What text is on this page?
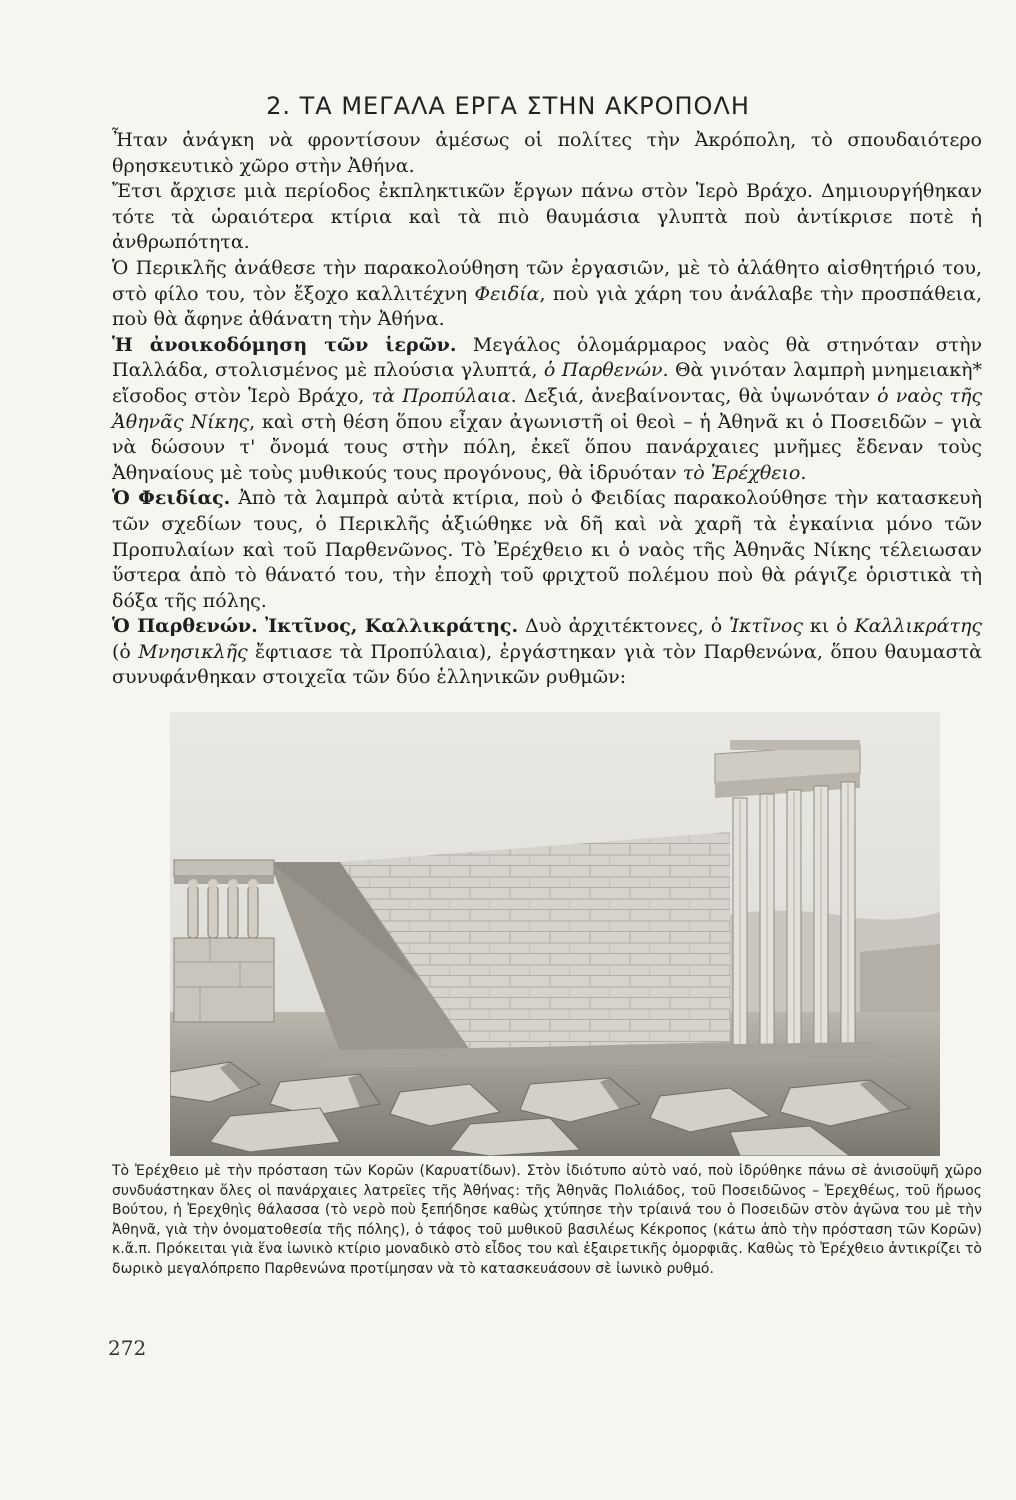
2. ΤΑ ΜΕΓΑΛΑ ΕΡΓΑ ΣΤΗΝ ΑΚΡΟΠΟΛΗ

Ἦταν ἀνάγκη νὰ φροντίσουν ἀμέσως οἱ πολίτες τὴν Ἀκρόπολη, τὸ σπουδαιότερο θρησκευτικὸ χῶρο στὴν Ἀθήνα.

Ἔτσι ἄρχισε μιὰ περίοδος ἐκπληκτικῶν ἔργων πάνω στὸν Ἱερὸ Βράχο. Δημιουργήθηκαν τότε τὰ ὡραιότερα κτίρια καὶ τὰ πιὸ θαυμάσια γλυπτὰ ποὺ ἀντίκρισε ποτὲ ἡ ἀνθρωπότητα.

Ὁ Περικλῆς ἀνάθεσε τὴν παρακολούθηση τῶν ἐργασιῶν, μὲ τὸ ἀλάθητο αἰσθητήριό του, στὸ φίλο του, τὸν ἔξοχο καλλιτέχνη Φειδία, ποὺ γιὰ χάρη του ἀνάλαβε τὴν προσπάθεια, ποὺ θὰ ἄφηνε ἀθάνατη τὴν Ἀθήνα.

Ἡ ἀνοικοδόμηση τῶν ἱερῶν. Μεγάλος ὁλομάρμαρος ναὸς θὰ στηνόταν στὴν Παλλάδα, στολισμένος μὲ πλούσια γλυπτά, ὁ Παρθενών. Θὰ γινόταν λαμπρὴ μνημειακὴ* εἴσοδος στὸν Ἱερὸ Βράχο, τὰ Προπύλαια. Δεξιά, ἀνεβαίνοντας, θὰ ὑψωνόταν ὁ ναὸς τῆς Ἀθηνᾶς Νίκης, καὶ στὴ θέση ὅπου εἶχαν ἀγωνιστῆ οἱ θεοὶ – ἡ Ἀθηνᾶ κι ὁ Ποσειδῶν – γιὰ νὰ δώσουν τ' ὄνομά τους στὴν πόλη, ἐκεῖ ὅπου πανάρχαιες μνῆμες ἔδεναν τοὺς Ἀθηναίους μὲ τοὺς μυθικούς τους προγόνους, θὰ ἱδρυόταν τὸ Ἐρέχθειο.

Ὁ Φειδίας. Ἀπὸ τὰ λαμπρὰ αὐτὰ κτίρια, ποὺ ὁ Φειδίας παρακολούθησε τὴν κατασκευὴ τῶν σχεδίων τους, ὁ Περικλῆς ἀξιώθηκε νὰ δῆ καὶ νὰ χαρῆ τὰ ἐγκαίνια μόνο τῶν Προπυλαίων καὶ τοῦ Παρθενῶνος. Τὸ Ἐρέχθειο κι ὁ ναὸς τῆς Ἀθηνᾶς Νίκης τέλειωσαν ὕστερα ἀπὸ τὸ θάνατό του, τὴν ἐποχὴ τοῦ φριχτοῦ πολέμου ποὺ θὰ ράγιζε ὁριστικὰ τὴ δόξα τῆς πόλης.

Ὁ Παρθενών. Ἰκτῖνος, Καλλικράτης. Δυὸ ἀρχιτέκτονες, ὁ Ἰκτῖνος κι ὁ Καλλικράτης (ὁ Μνησικλῆς ἔφτιασε τὰ Προπύλαια), ἐργάστηκαν γιὰ τὸν Παρθενώνα, ὅπου θαυμαστὰ συνυφάνθηκαν στοιχεῖα τῶν δύο ἑλληνικῶν ρυθμῶν:

Τὸ Ἐρέχθειο μὲ τὴν πρόσταση τῶν Κορῶν (Καρυατίδων). Στὸν ἰδιότυπο αὐτὸ ναό, ποὺ ἱδρύθηκε πάνω σὲ ἀνισοϋψῆ χῶρο συνδυάστηκαν ὅλες οἱ πανάρχαιες λατρεῖες τῆς Ἀθήνας: τῆς Ἀθηνᾶς Πολιάδος, τοῦ Ποσειδῶνος – Ἐρεχθέως, τοῦ ἥρωος Βούτου, ἡ Ἐρεχθηὶς θάλασσα (τὸ νερὸ ποὺ ξεπήδησε καθὼς χτύπησε τὴν τρίαινά του ὁ Ποσειδῶν στὸν ἀγῶνα του μὲ τὴν Ἀθηνᾶ, γιὰ τὴν ὀνοματοθεσία τῆς πόλης), ὁ τάφος τοῦ μυθικοῦ βασιλέως Κέκροπος (κάτω ἀπὸ τὴν πρόσταση τῶν Κορῶν) κ.ἄ.π. Πρόκειται γιὰ ἕνα ἰωνικὸ κτίριο μοναδικὸ στὸ εἶδος του καὶ ἐξαιρετικῆς ὀμορφιᾶς. Καθὼς τὸ Ἐρέχθειο ἀντικρίζει τὸ δωρικὸ μεγαλόπρεπο Παρθενώνα προτίμησαν νὰ τὸ κατασκευάσουν σὲ ἰωνικὸ ρυθμό.
272
